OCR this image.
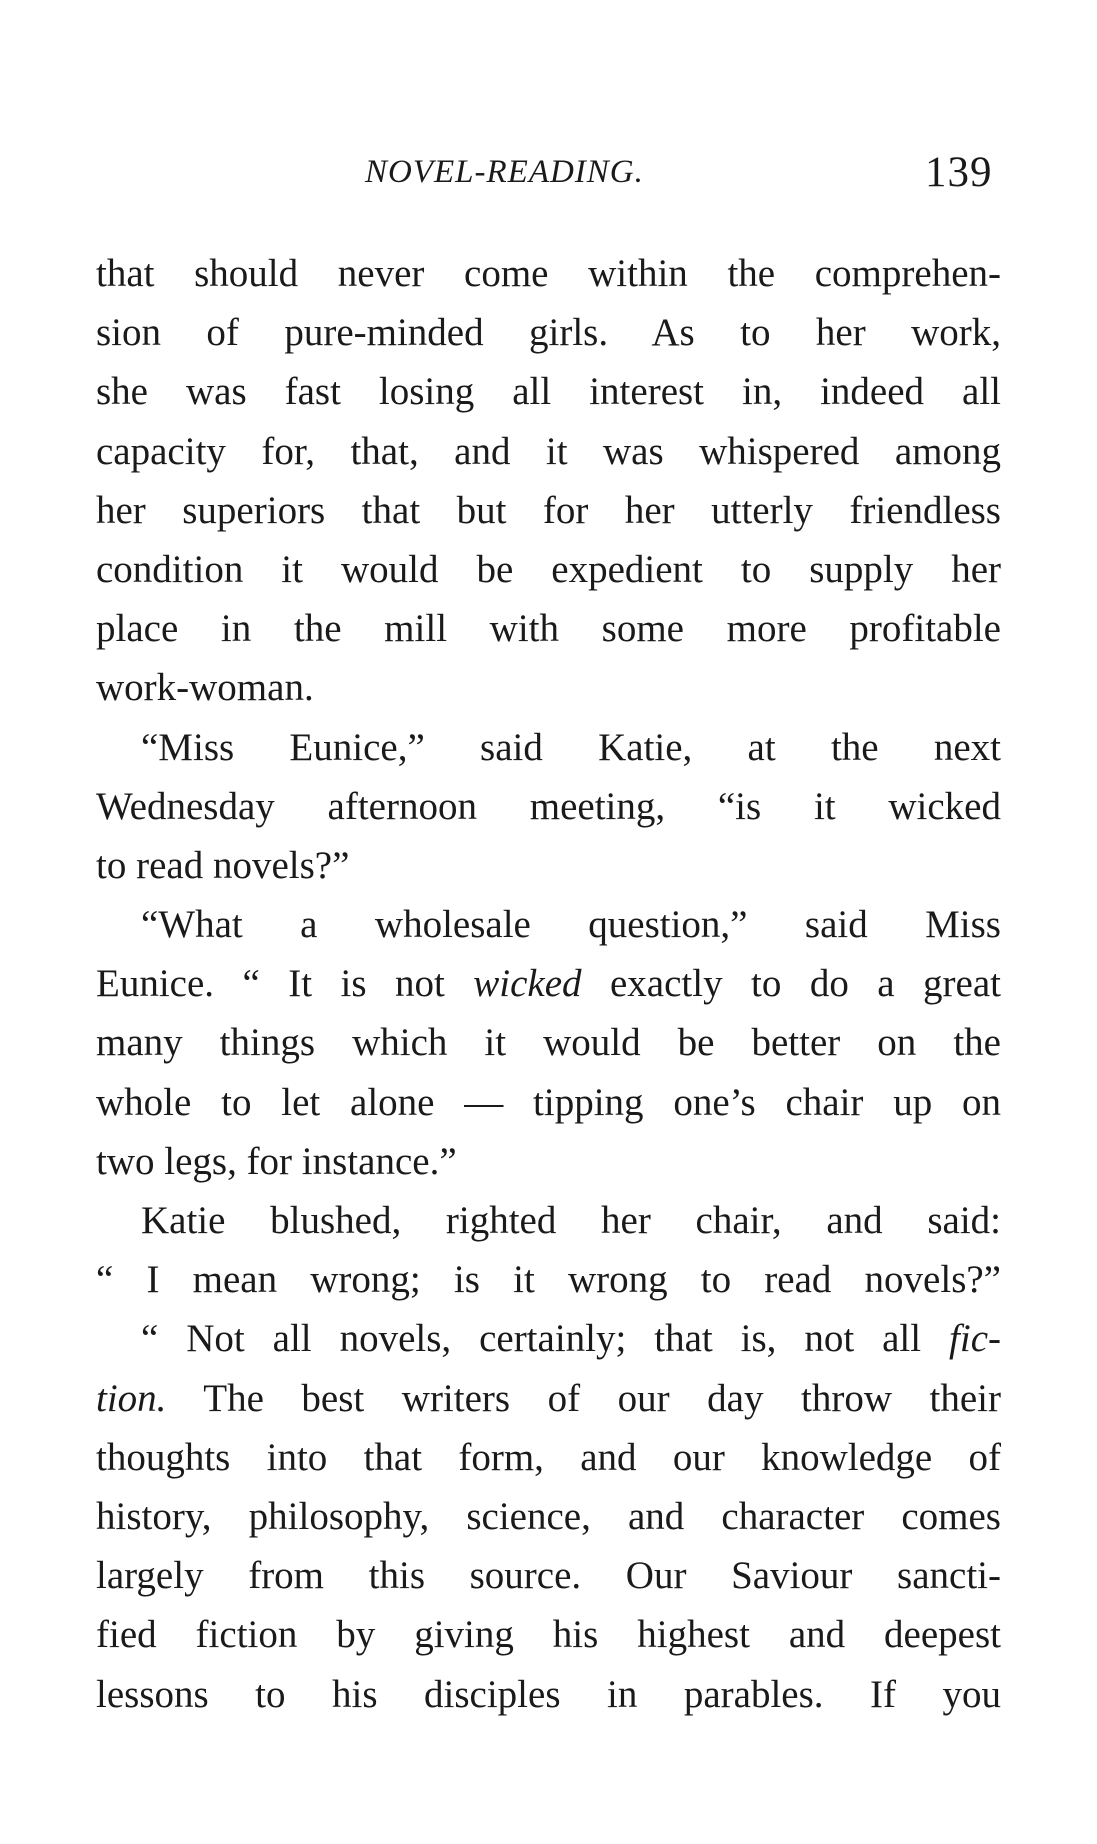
NOVEL-READING.	139
that should never come within the comprehen-
sion of pure-minded girls. As to her work,
she was fast losing all interest in, indeed all
capacity for, that, and it was whispered among
her superiors that but for her utterly friendless
condition it would be expedient to supply her
place in the mill with some more profitable
work-woman.
“Miss Eunice,” said Katie, at the next
Wednesday afternoon meeting, “is it wicked
to read novels?”
“What a wholesale question,” said Miss
Eunice. “ It is not wicked exactly to do a great
many things which it would be better on the
whole to let alone — tipping one’s chair up on
two legs, for instance.”
Katie blushed, righted her chair, and said:
“ I mean wrong; is it wrong to read novels?”
“ Not all novels, certainly; that is, not all fic-
tion. The best writers of our day throw their
thoughts into that form, and our knowledge of
history, philosophy, science, and character comes
largely from this source. Our Saviour sancti-
fied fiction by giving his highest and deepest
lessons to his disciples in parables. If you
